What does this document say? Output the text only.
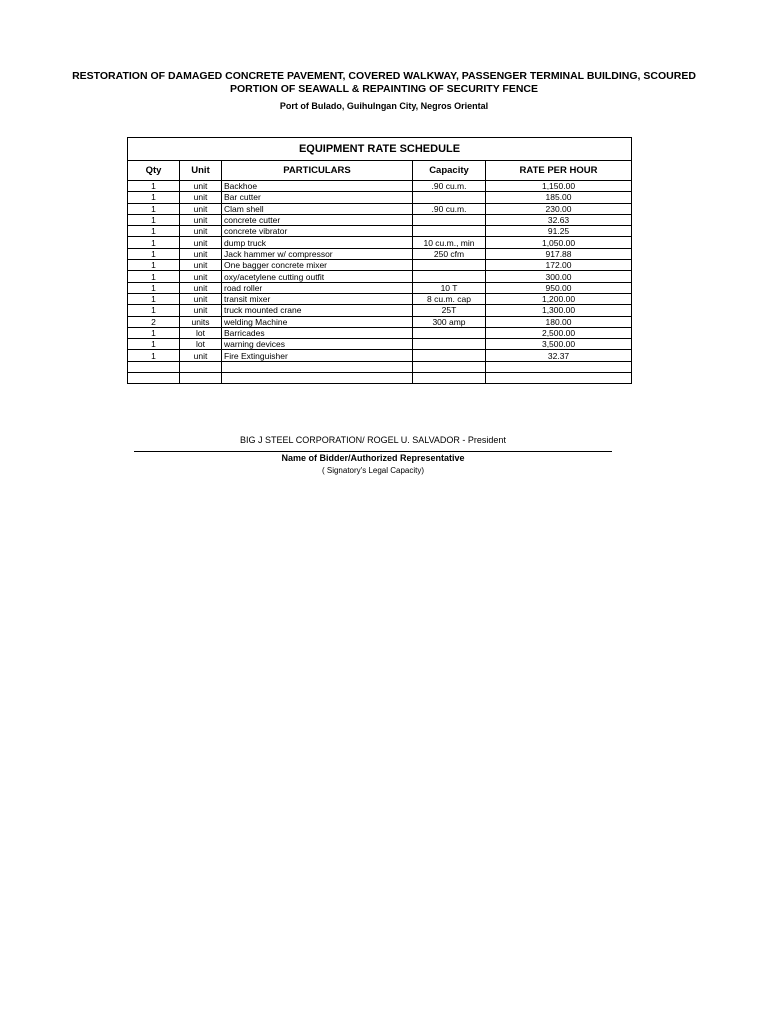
RESTORATION OF DAMAGED CONCRETE PAVEMENT, COVERED WALKWAY, PASSENGER TERMINAL BUILDING, SCOURED
PORTION OF SEAWALL & REPAINTING OF SECURITY FENCE
Port of Bulado, Guihulngan City, Negros Oriental
EQUIPMENT RATE SCHEDULE				
Qty	Unit	PARTICULARS	Capacity	RATE PER HOUR
1	unit	Backhoe	.90 cu.m.	1,150.00
1	unit	Bar cutter		185.00
1	unit	Clam shell	.90 cu.m.	230.00
1	unit	concrete cutter		32.63
1	unit	concrete vibrator		91.25
1	unit	dump truck	10 cu.m., min	1,050.00
1	unit	Jack hammer w/ compressor	250 cfm	917.88
1	unit	One bagger concrete mixer		172.00
1	unit	oxy/acetylene cutting outfit		300.00
1	unit	road roller	10 T	950.00
1	unit	transit mixer	8 cu.m. cap	1,200.00
1	unit	truck mounted crane	25T	1,300.00
2	units	welding Machine	300 amp	180.00
1	lot	Barricades		2,500.00
1	lot	warning devices		3,500.00
1	unit	Fire Extinguisher		32.37

BIG J STEEL CORPORATION/ ROGEL U. SALVADOR - President
Name of Bidder/Authorized Representative
( Signatory's Legal Capacity)
